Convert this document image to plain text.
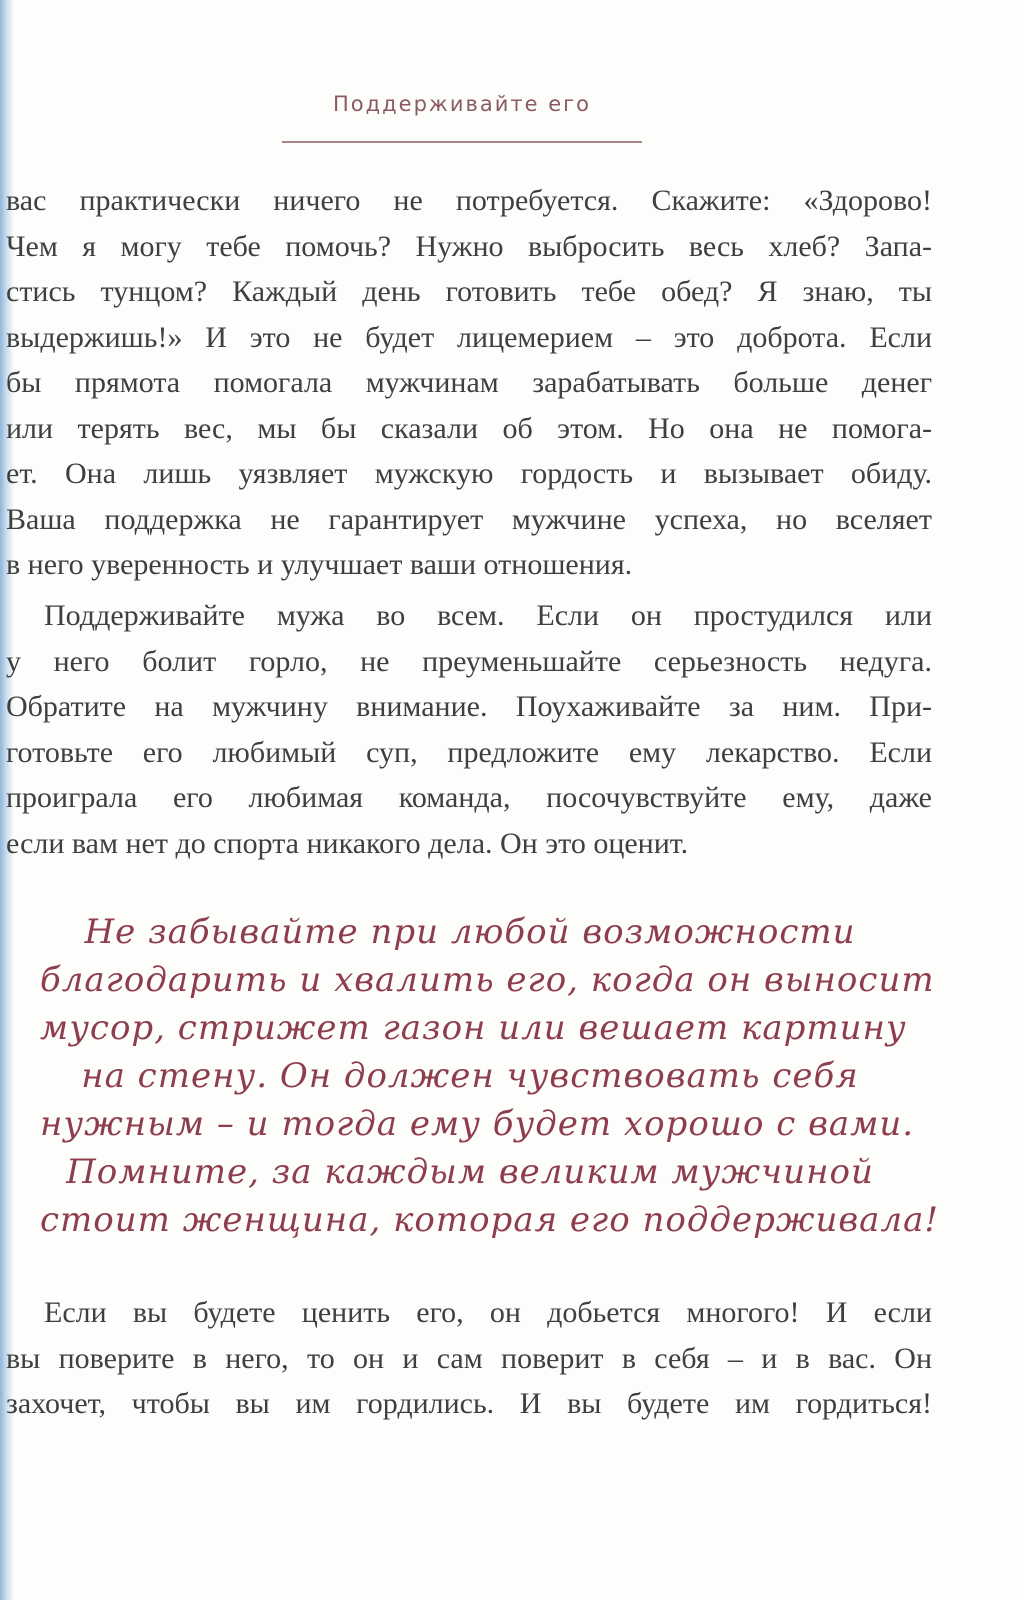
Поддерживайте его
вас практически ничего не потребуется. Скажите: «Здорово!
Чем я могу тебе помочь? Нужно выбросить весь хлеб? Запа-
стись тунцом? Каждый день готовить тебе обед? Я знаю, ты
выдержишь!» И это не будет лицемерием – это доброта. Если
бы прямота помогала мужчинам зарабатывать больше денег
или терять вес, мы бы сказали об этом. Но она не помога-
ет. Она лишь уязвляет мужскую гордость и вызывает обиду.
Ваша поддержка не гарантирует мужчине успеха, но вселяет
в него уверенность и улучшает ваши отношения.
Поддерживайте мужа во всем. Если он простудился или
у него болит горло, не преуменьшайте серьезность недуга.
Обратите на мужчину внимание. Поухаживайте за ним. При-
готовьте его любимый суп, предложите ему лекарство. Если
проиграла его любимая команда, посочувствуйте ему, даже
если вам нет до спорта никакого дела. Он это оценит.
Не забывайте при любой возможности
благодарить и хвалить его, когда он выносит
мусор, стрижет газон или вешает картину
на стену. Он должен чувствовать себя
нужным – и тогда ему будет хорошо с вами.
Помните, за каждым великим мужчиной
стоит женщина, которая его поддерживала!
Если вы будете ценить его, он добьется многого! И если
вы поверите в него, то он и сам поверит в себя – и в вас. Он
захочет, чтобы вы им гордились. И вы будете им гордиться!
